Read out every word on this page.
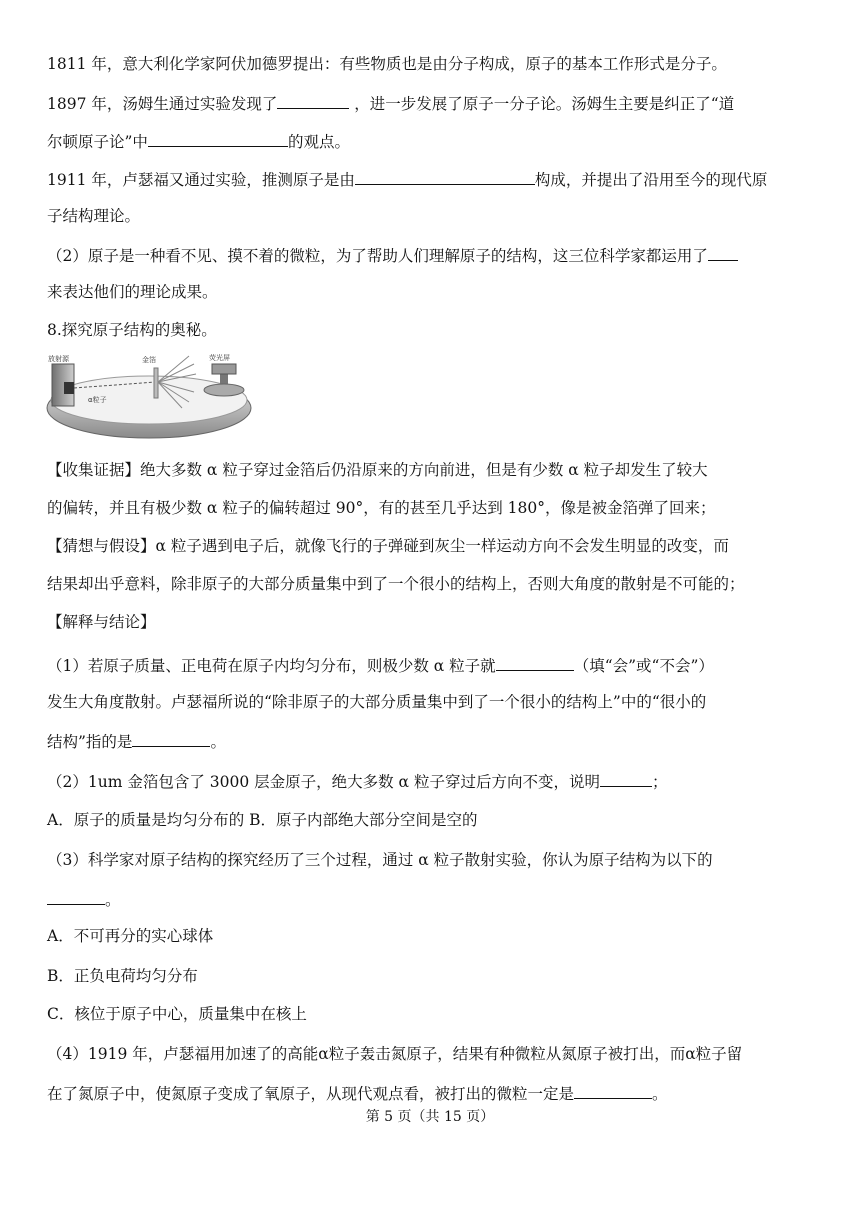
1811 年，意大利化学家阿伏加德罗提出：有些物质也是由分子构成，原子的基本工作形式是分子。
1897 年，汤姆生通过实验发现了	，进一步发展了原子一分子论。汤姆生主要是纠正了“道
尔顿原子论”中	的观点。
1911 年，卢瑟福又通过实验，推测原子是由	构成，并提出了沿用至今的现代原
子结构理论。
（2）原子是一种看不见、摸不着的微粒，为了帮助人们理解原子的结构，这三位科学家都运用了
来表达他们的理论成果。
8.探究原子结构的奥秘。
【收集证据】绝大多数 α 粒子穿过金箔后仍沿原来的方向前进，但是有少数 α 粒子却发生了较大
的偏转，并且有极少数 α 粒子的偏转超过 90°，有的甚至几乎达到 180°，像是被金箔弹了回来；
【猜想与假设】α 粒子遇到电子后，就像飞行的子弹碰到灰尘一样运动方向不会发生明显的改变，而
结果却出乎意料，除非原子的大部分质量集中到了一个很小的结构上，否则大角度的散射是不可能的；
【解释与结论】
（1）若原子质量、正电荷在原子内均匀分布，则极少数 α 粒子就	（填“会”或“不会”）
发生大角度散射。卢瑟福所说的“除非原子的大部分质量集中到了一个很小的结构上”中的“很小的
结构”指的是	。
（2）1um 金箔包含了 3000 层金原子，绝大多数 α 粒子穿过后方向不变，说明	；
A．原子的质量是均匀分布的 B．原子内部绝大部分空间是空的
（3）科学家对原子结构的探究经历了三个过程，通过 α 粒子散射实验，你认为原子结构为以下的
。
A．不可再分的实心球体
B．正负电荷均匀分布
C．核位于原子中心，质量集中在核上
（4）1919 年，卢瑟福用加速了的高能α粒子轰击氮原子，结果有种微粒从氮原子被打出，而α粒子留
在了氮原子中，使氮原子变成了氧原子，从现代观点看，被打出的微粒一定是	。
放射源	金箔	荧光屏
α粒子
第 5 页（共 15 页）
